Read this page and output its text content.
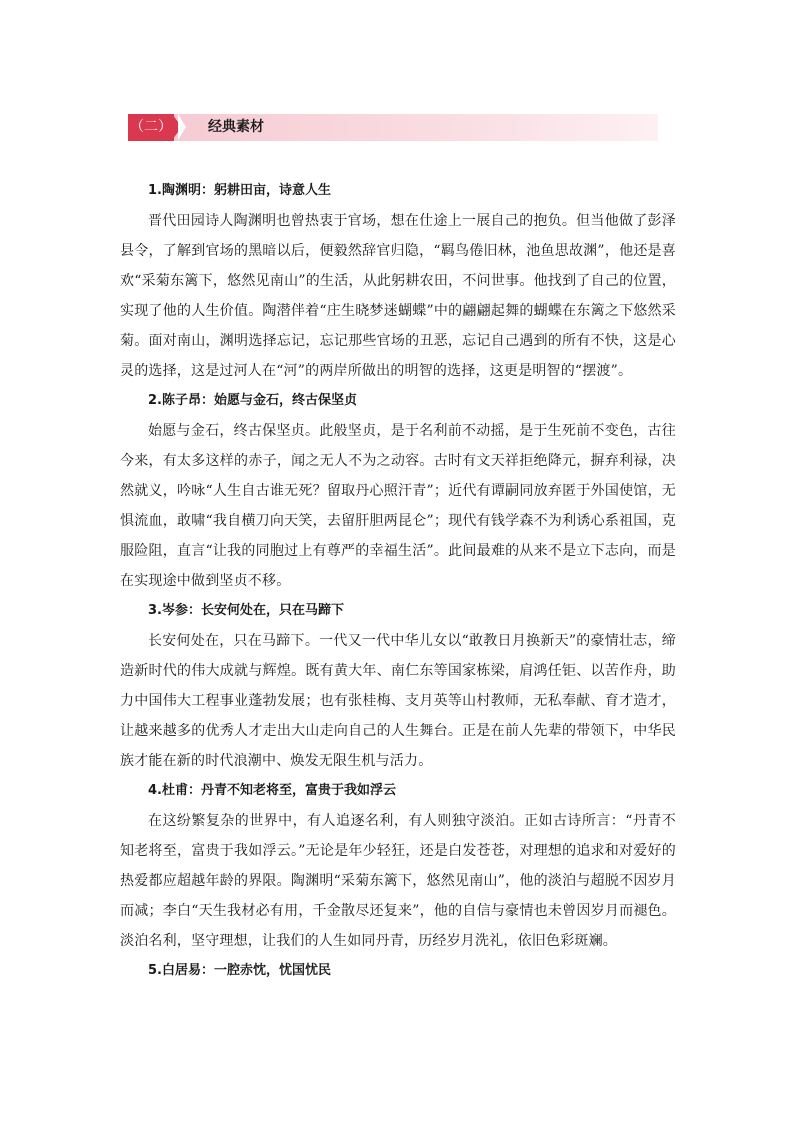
（二）	经典素材
1.陶渊明：躬耕田亩，诗意人生

晋代田园诗人陶渊明也曾热衷于官场，想在仕途上一展自己的抱负。但当他做了彭泽县令，了解到官场的黑暗以后，便毅然辞官归隐，“羁鸟倦旧林，池鱼思故渊”，他还是喜欢“采菊东篱下，悠然见南山”的生活，从此躬耕农田，不问世事。他找到了自己的位置，实现了他的人生价值。陶潜伴着“庄生晓梦迷蝴蝶”中的翩翩起舞的蝴蝶在东篱之下悠然采菊。面对南山，渊明选择忘记，忘记那些官场的丑恶，忘记自己遇到的所有不快，这是心灵的选择，这是过河人在“河”的两岸所做出的明智的选择，这更是明智的“摆渡”。

2.陈子昂：始愿与金石，终古保坚贞

始愿与金石，终古保坚贞。此般坚贞，是于名利前不动摇，是于生死前不变色，古往今来，有太多这样的赤子，闻之无人不为之动容。古时有文天祥拒绝降元，摒弃利禄，决然就义，吟咏“人生自古谁无死？留取丹心照汗青”；近代有谭嗣同放弃匿于外国使馆，无惧流血，敢啸“我自横刀向天笑，去留肝胆两昆仑”；现代有钱学森不为利诱心系祖国，克服险阻，直言“让我的同胞过上有尊严的幸福生活”。此间最难的从来不是立下志向，而是在实现途中做到坚贞不移。

3.岑参：长安何处在，只在马蹄下

长安何处在，只在马蹄下。一代又一代中华儿女以“敢教日月换新天”的豪情壮志，缔造新时代的伟大成就与辉煌。既有黄大年、南仁东等国家栋梁，肩鸿任钜、以苦作舟，助力中国伟大工程事业蓬勃发展；也有张桂梅、支月英等山村教师，无私奉献、育才造才，让越来越多的优秀人才走出大山走向自己的人生舞台。正是在前人先辈的带领下，中华民族才能在新的时代浪潮中、焕发无限生机与活力。

4.杜甫：丹青不知老将至，富贵于我如浮云

在这纷繁复杂的世界中，有人追逐名利，有人则独守淡泊。正如古诗所言：“丹青不知老将至，富贵于我如浮云。”无论是年少轻狂，还是白发苍苍，对理想的追求和对爱好的热爱都应超越年龄的界限。陶渊明“采菊东篱下，悠然见南山”，他的淡泊与超脱不因岁月而减；李白“天生我材必有用，千金散尽还复来”，他的自信与豪情也未曾因岁月而褪色。淡泊名利，坚守理想，让我们的人生如同丹青，历经岁月洗礼，依旧色彩斑斓。

5.白居易：一腔赤忱，忧国忧民
